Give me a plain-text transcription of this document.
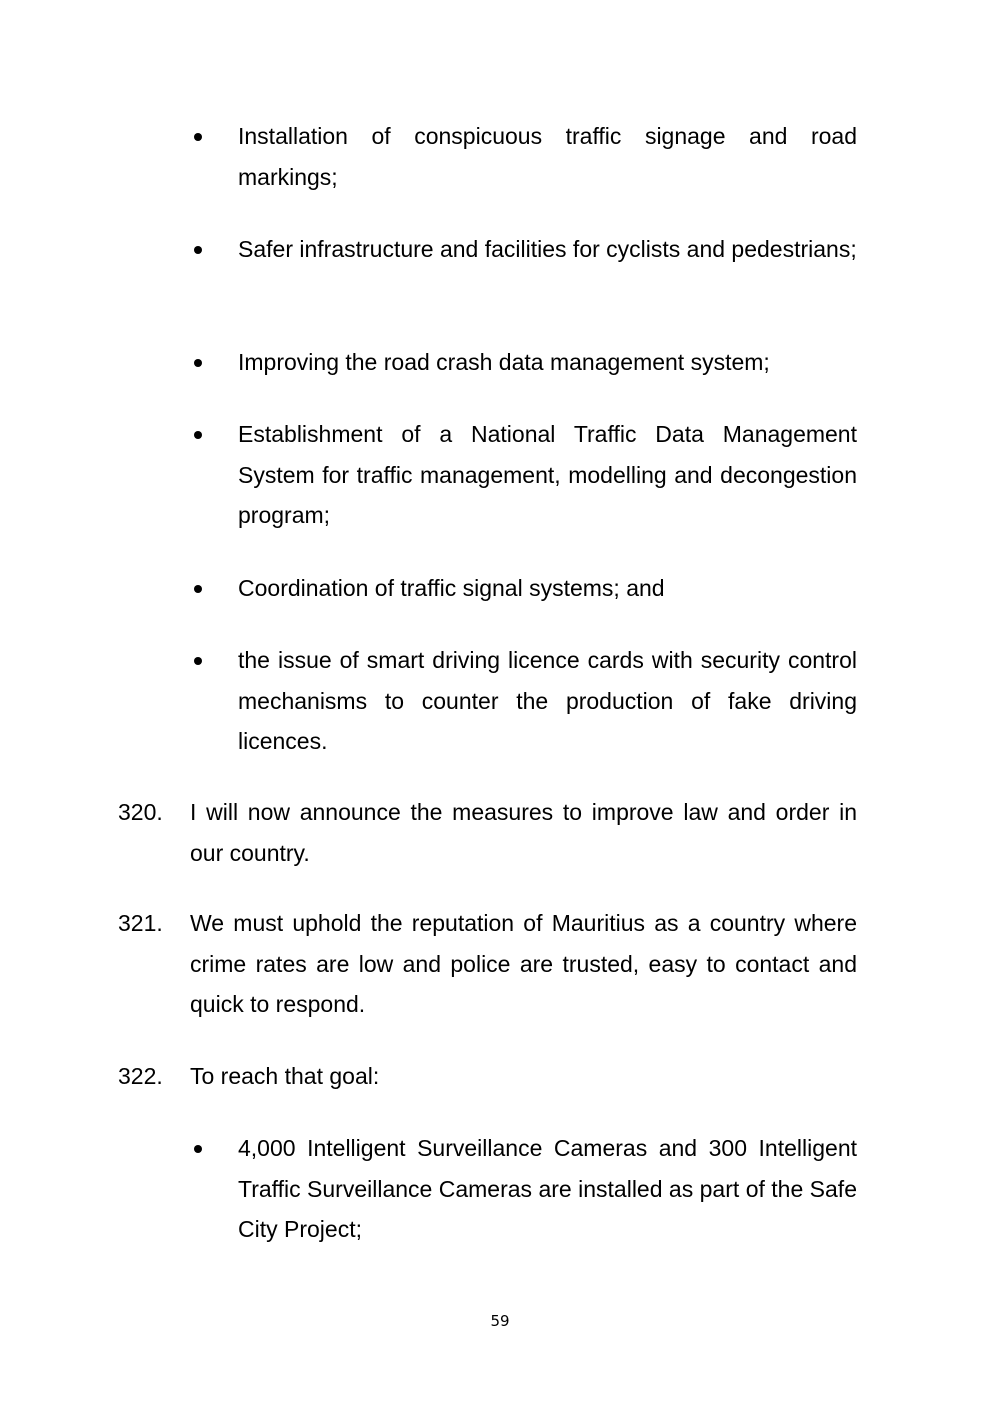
Installation of conspicuous traffic signage and road markings;

Safer infrastructure and facilities for cyclists and pedestrians;

Improving the road crash data management system;

Establishment of a National Traffic Data Management System for traffic management, modelling and decongestion program;

Coordination of traffic signal systems; and

the issue of smart driving licence cards with security control mechanisms to counter the production of fake driving licences.

320. I will now announce the measures to improve law and order in our country.

321. We must uphold the reputation of Mauritius as a country where crime rates are low and police are trusted, easy to contact and quick to respond.

322. To reach that goal:

4,000 Intelligent Surveillance Cameras and 300 Intelligent Traffic Surveillance Cameras are installed as part of the Safe City Project;

59
